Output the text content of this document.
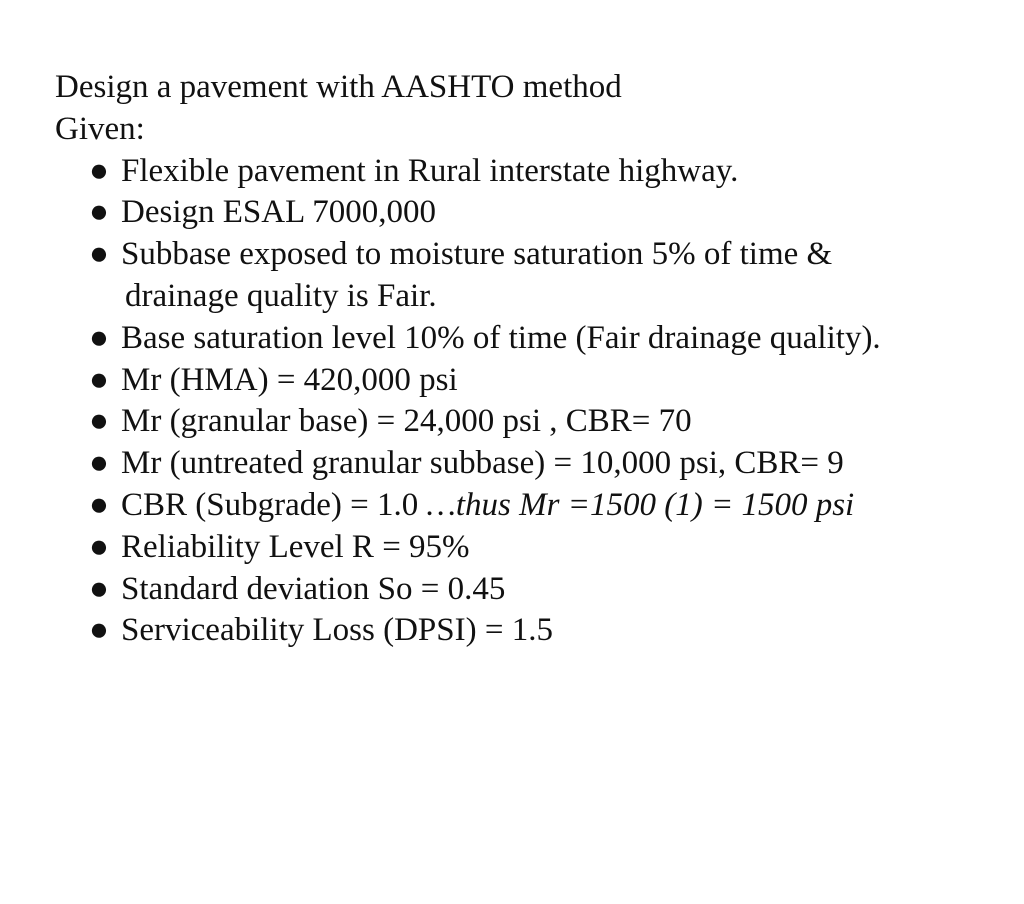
Design a pavement with AASHTO method
Given:
● Flexible pavement in Rural interstate highway.
● Design ESAL 7000,000
● Subbase exposed to moisture saturation 5% of time &
drainage quality is Fair.
● Base saturation level 10% of time (Fair drainage quality).
● Mr (HMA) = 420,000 psi
● Mr (granular base) = 24,000 psi , CBR= 70
● Mr (untreated granular subbase) = 10,000 psi, CBR= 9
● CBR (Subgrade) = 1.0 …thus Mr =1500 (1) = 1500 psi
● Reliability Level R = 95%
● Standard deviation So = 0.45
● Serviceability Loss (DPSI) = 1.5
